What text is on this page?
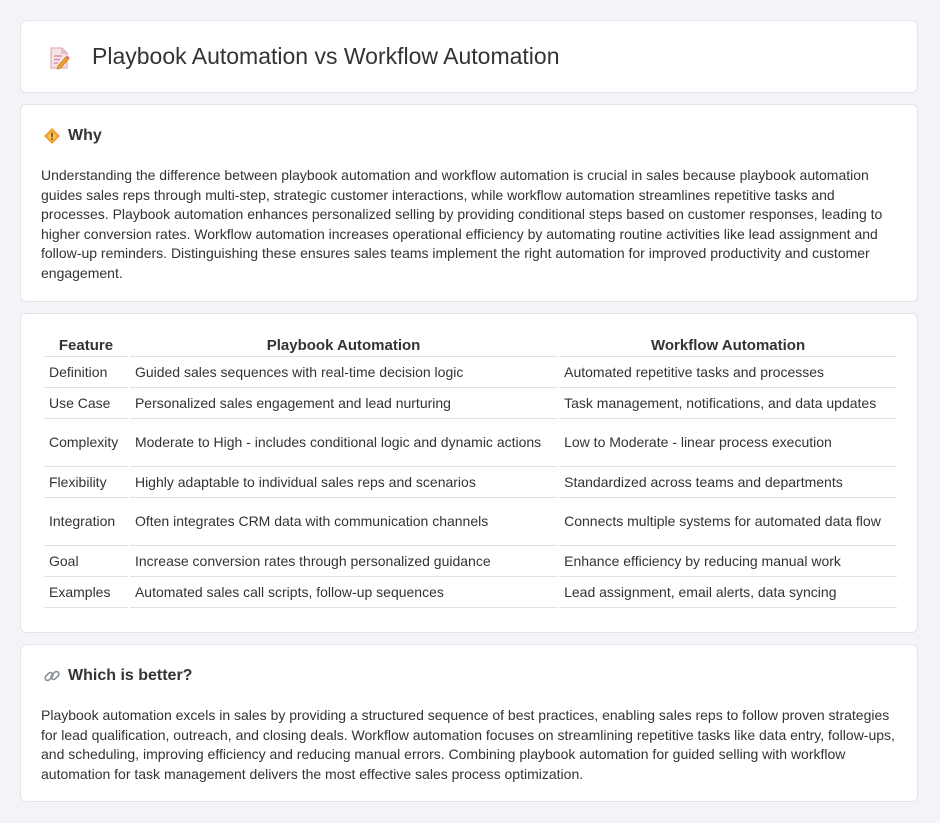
Playbook Automation vs Workflow Automation
Why

Understanding the difference between playbook automation and workflow automation is crucial in sales because playbook automation guides sales reps through multi-step, strategic customer interactions, while workflow automation streamlines repetitive tasks and processes. Playbook automation enhances personalized selling by providing conditional steps based on customer responses, leading to higher conversion rates. Workflow automation increases operational efficiency by automating routine activities like lead assignment and follow-up reminders. Distinguishing these ensures sales teams implement the right automation for improved productivity and customer engagement.

Feature	Playbook Automation	Workflow Automation
Definition	Guided sales sequences with real-time decision logic	Automated repetitive tasks and processes
Use Case	Personalized sales engagement and lead nurturing	Task management, notifications, and data updates
Complexity	Moderate to High - includes conditional logic and dynamic actions	Low to Moderate - linear process execution
Flexibility	Highly adaptable to individual sales reps and scenarios	Standardized across teams and departments
Integration	Often integrates CRM data with communication channels	Connects multiple systems for automated data flow
Goal	Increase conversion rates through personalized guidance	Enhance efficiency by reducing manual work
Examples	Automated sales call scripts, follow-up sequences	Lead assignment, email alerts, data syncing
Which is better?

Playbook automation excels in sales by providing a structured sequence of best practices, enabling sales reps to follow proven strategies for lead qualification, outreach, and closing deals. Workflow automation focuses on streamlining repetitive tasks like data entry, follow-ups, and scheduling, improving efficiency and reducing manual errors. Combining playbook automation for guided selling with workflow automation for task management delivers the most effective sales process optimization.
